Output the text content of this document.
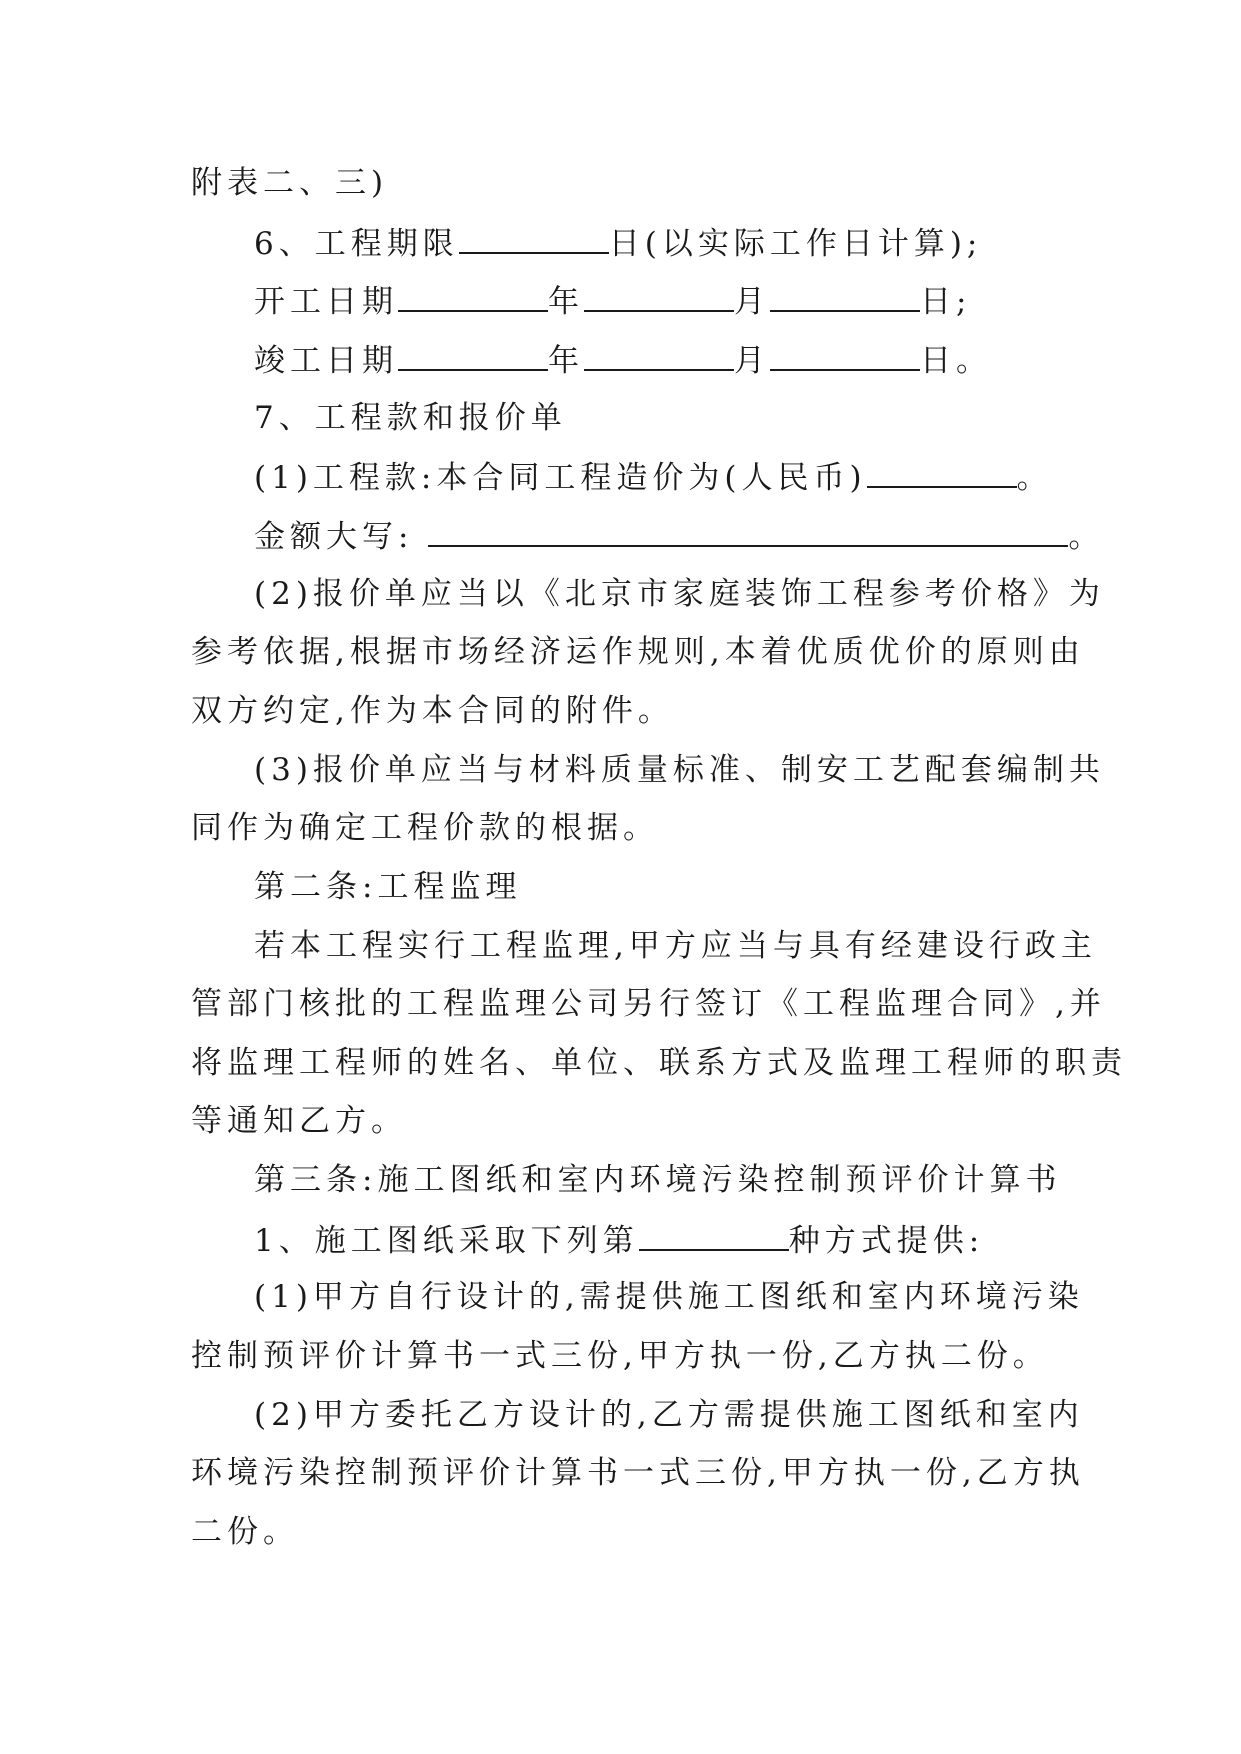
附表二、三)
6、工程期限	日(以实际工作日计算);
开工日期	年	月	日;
竣工日期	年	月	日。
7、工程款和报价单
(1)工程款:本合同工程造价为(人民币)	。
金额大写:	。
(2)报价单应当以《北京市家庭装饰工程参考价格》为
参考依据,根据市场经济运作规则,本着优质优价的原则由
双方约定,作为本合同的附件。
(3)报价单应当与材料质量标准、制安工艺配套编制共
同作为确定工程价款的根据。
第二条:工程监理
若本工程实行工程监理,甲方应当与具有经建设行政主
管部门核批的工程监理公司另行签订《工程监理合同》,并
将监理工程师的姓名、单位、联系方式及监理工程师的职责
等通知乙方。
第三条:施工图纸和室内环境污染控制预评价计算书
1、施工图纸采取下列第	种方式提供:
(1)甲方自行设计的,需提供施工图纸和室内环境污染
控制预评价计算书一式三份,甲方执一份,乙方执二份。
(2)甲方委托乙方设计的,乙方需提供施工图纸和室内
环境污染控制预评价计算书一式三份,甲方执一份,乙方执
二份。
